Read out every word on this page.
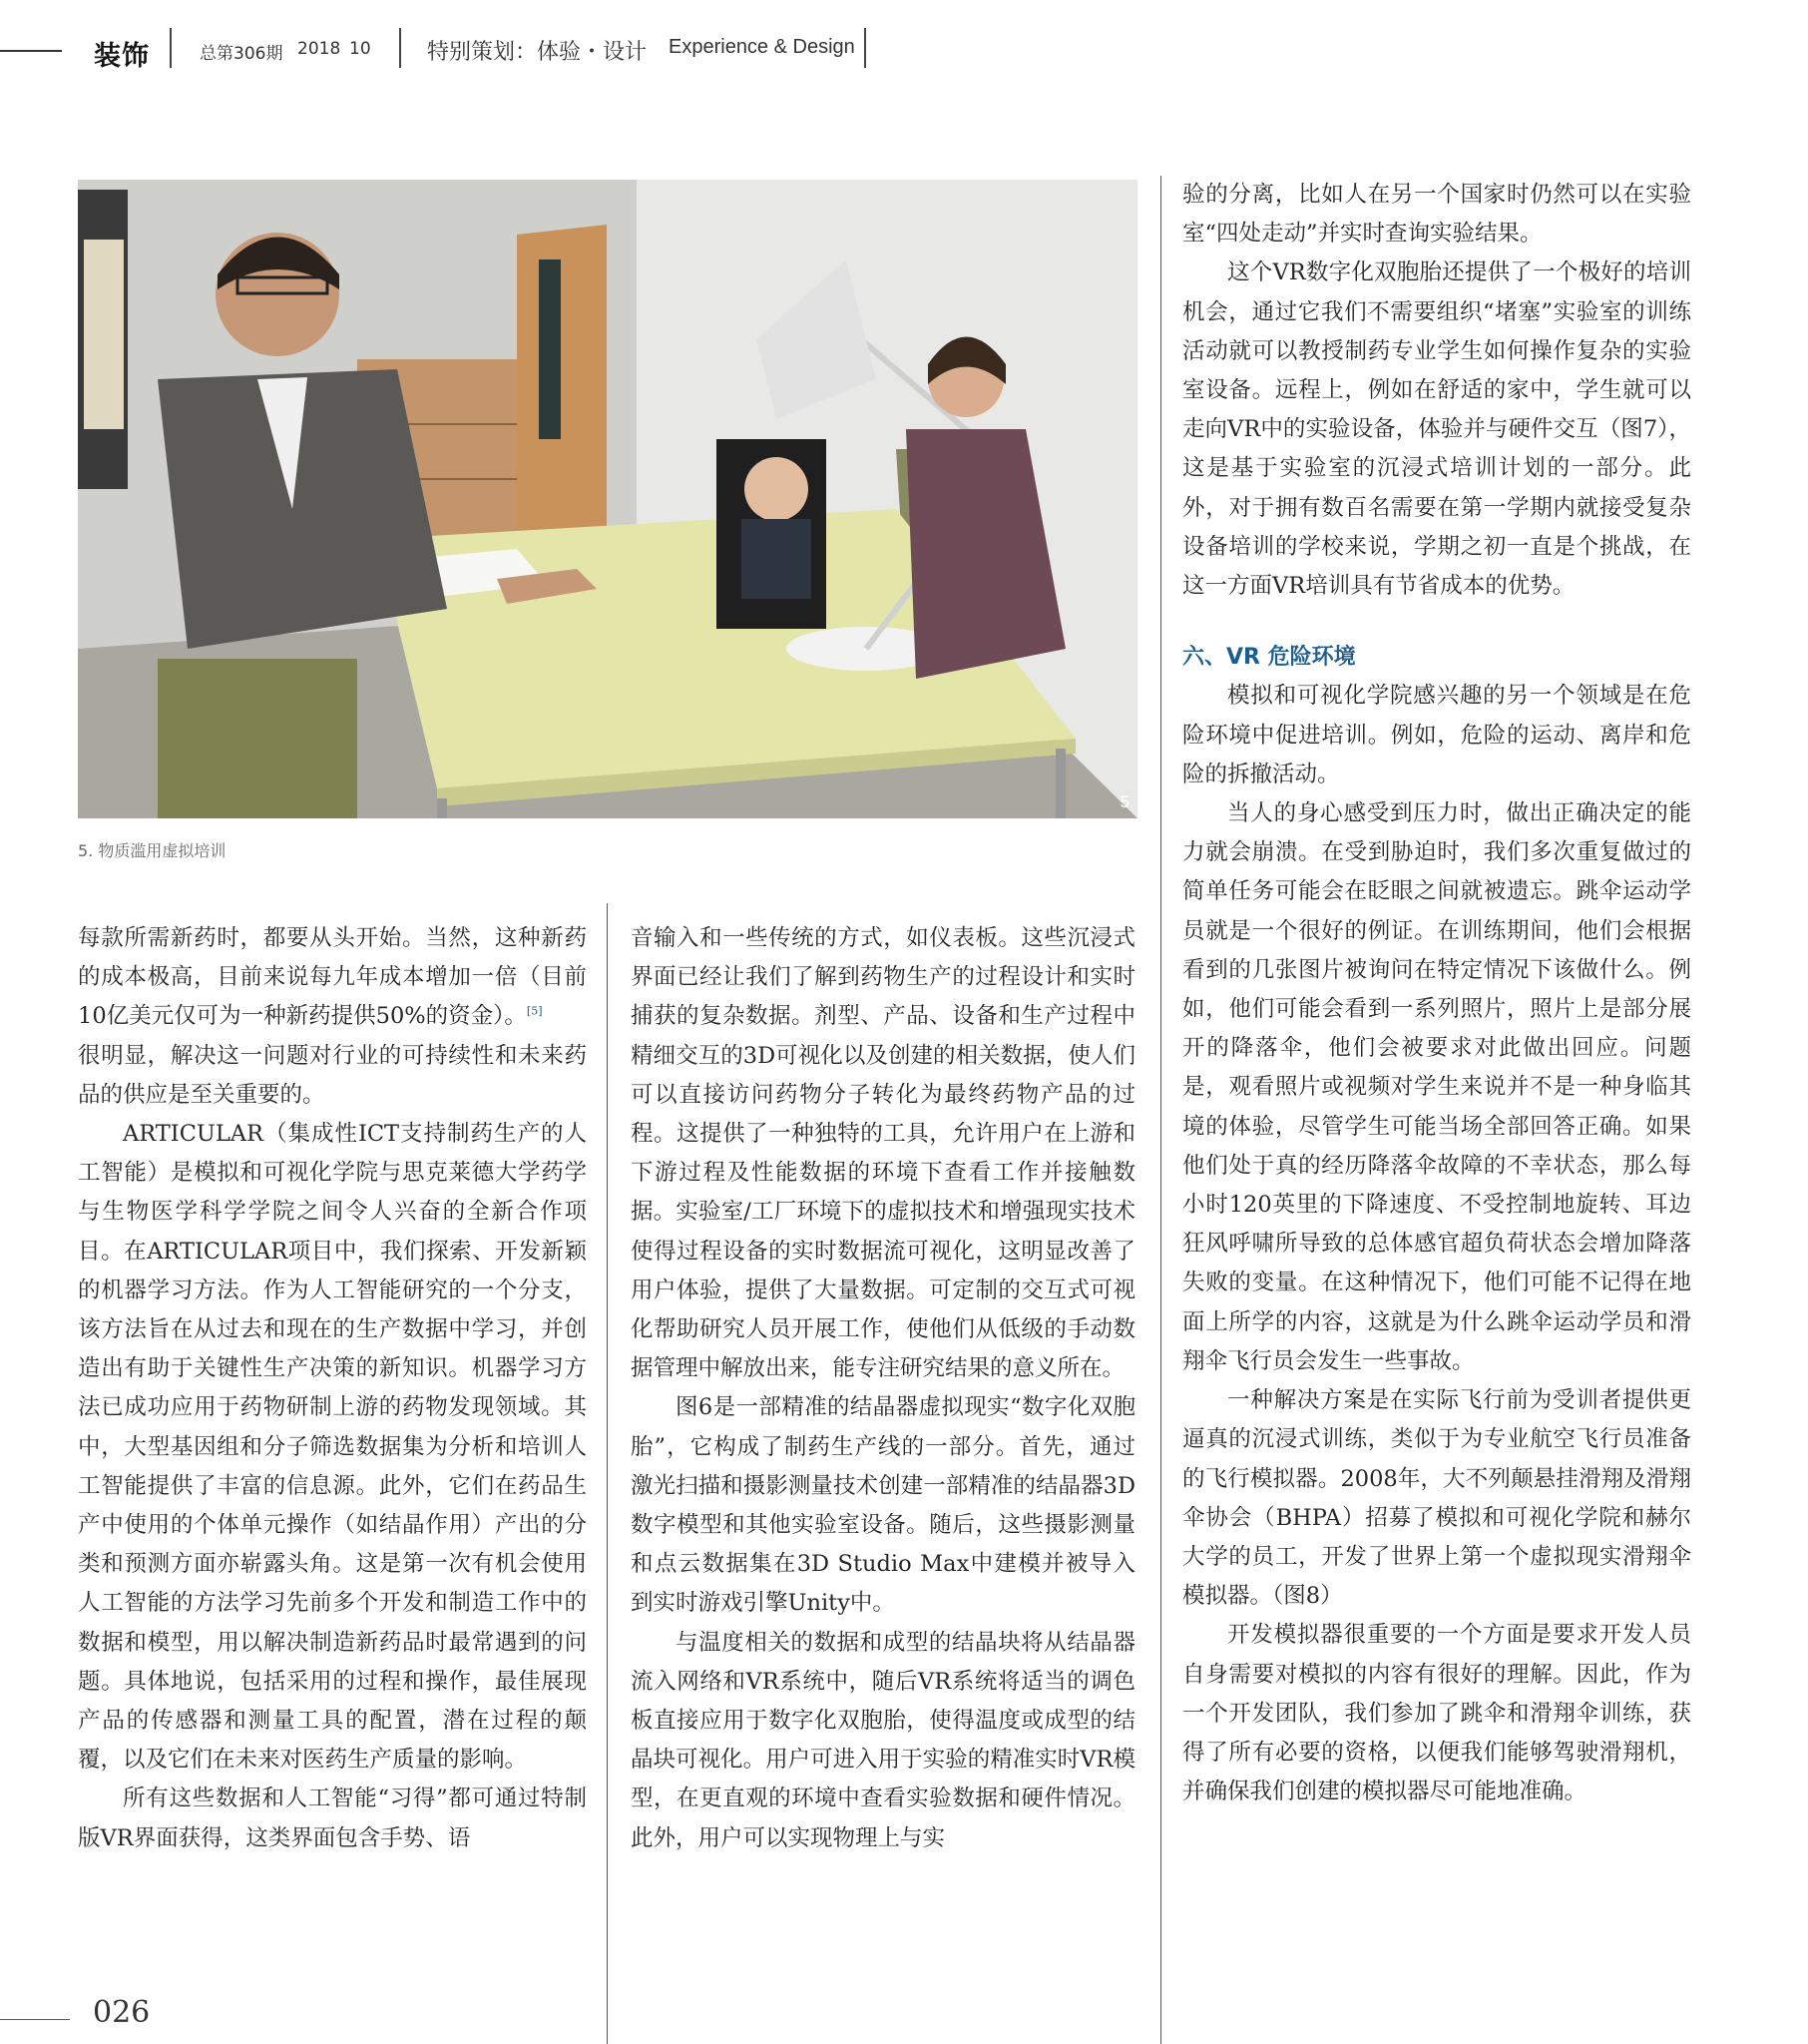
装饰	总第306期 2018 10	特别策划：体验・设计 Experience & Design
5
5. 物质滥用虚拟培训

每款所需新药时，都要从头开始。当然，这种新药的成本极高，目前来说每九年成本增加一倍（目前10亿美元仅可为一种新药提供50%的资金）。[5]

很明显，解决这一问题对行业的可持续性和未来药品的供应是至关重要的。

ARTICULAR（集成性ICT支持制药生产的人工智能）是模拟和可视化学院与思克莱德大学药学与生物医学科学学院之间令人兴奋的全新合作项目。在ARTICULAR项目中，我们探索、开发新颖的机器学习方法。作为人工智能研究的一个分支，该方法旨在从过去和现在的生产数据中学习，并创造出有助于关键性生产决策的新知识。机器学习方法已成功应用于药物研制上游的药物发现领域。其中，大型基因组和分子筛选数据集为分析和培训人工智能提供了丰富的信息源。此外，它们在药品生产中使用的个体单元操作（如结晶作用）产出的分类和预测方面亦崭露头角。这是第一次有机会使用人工智能的方法学习先前多个开发和制造工作中的数据和模型，用以解决制造新药品时最常遇到的问题。具体地说，包括采用的过程和操作，最佳展现产品的传感器和测量工具的配置，潜在过程的颠覆，以及它们在未来对医药生产质量的影响。

所有这些数据和人工智能“习得”都可通过特制版VR界面获得，这类界面包含手势、语

音输入和一些传统的方式，如仪表板。这些沉浸式界面已经让我们了解到药物生产的过程设计和实时捕获的复杂数据。剂型、产品、设备和生产过程中精细交互的3D可视化以及创建的相关数据，使人们可以直接访问药物分子转化为最终药物产品的过程。这提供了一种独特的工具，允许用户在上游和下游过程及性能数据的环境下查看工作并接触数据。实验室/工厂环境下的虚拟技术和增强现实技术使得过程设备的实时数据流可视化，这明显改善了用户体验，提供了大量数据。可定制的交互式可视化帮助研究人员开展工作，使他们从低级的手动数据管理中解放出来，能专注研究结果的意义所在。

图6是一部精准的结晶器虚拟现实“数字化双胞胎”，它构成了制药生产线的一部分。首先，通过激光扫描和摄影测量技术创建一部精准的结晶器3D数字模型和其他实验室设备。随后，这些摄影测量和点云数据集在3D Studio Max中建模并被导入到实时游戏引擎Unity中。

与温度相关的数据和成型的结晶块将从结晶器流入网络和VR系统中，随后VR系统将适当的调色板直接应用于数字化双胞胎，使得温度或成型的结晶块可视化。用户可进入用于实验的精准实时VR模型，在更直观的环境中查看实验数据和硬件情况。此外，用户可以实现物理上与实

验的分离，比如人在另一个国家时仍然可以在实验室“四处走动”并实时查询实验结果。

这个VR数字化双胞胎还提供了一个极好的培训机会，通过它我们不需要组织“堵塞”实验室的训练活动就可以教授制药专业学生如何操作复杂的实验室设备。远程上，例如在舒适的家中，学生就可以走向VR中的实验设备，体验并与硬件交互（图7），这是基于实验室的沉浸式培训计划的一部分。此外，对于拥有数百名需要在第一学期内就接受复杂设备培训的学校来说，学期之初一直是个挑战，在这一方面VR培训具有节省成本的优势。

六、VR 危险环境

模拟和可视化学院感兴趣的另一个领域是在危险环境中促进培训。例如，危险的运动、离岸和危险的拆撤活动。

当人的身心感受到压力时，做出正确决定的能力就会崩溃。在受到胁迫时，我们多次重复做过的简单任务可能会在眨眼之间就被遗忘。跳伞运动学员就是一个很好的例证。在训练期间，他们会根据看到的几张图片被询问在特定情况下该做什么。例如，他们可能会看到一系列照片，照片上是部分展开的降落伞，他们会被要求对此做出回应。问题是，观看照片或视频对学生来说并不是一种身临其境的体验，尽管学生可能当场全部回答正确。如果他们处于真的经历降落伞故障的不幸状态，那么每小时120英里的下降速度、不受控制地旋转、耳边狂风呼啸所导致的总体感官超负荷状态会增加降落失败的变量。在这种情况下，他们可能不记得在地面上所学的内容，这就是为什么跳伞运动学员和滑翔伞飞行员会发生一些事故。

一种解决方案是在实际飞行前为受训者提供更逼真的沉浸式训练，类似于为专业航空飞行员准备的飞行模拟器。2008年，大不列颠悬挂滑翔及滑翔伞协会（BHPA）招募了模拟和可视化学院和赫尔大学的员工，开发了世界上第一个虚拟现实滑翔伞模拟器。（图8）

开发模拟器很重要的一个方面是要求开发人员自身需要对模拟的内容有很好的理解。因此，作为一个开发团队，我们参加了跳伞和滑翔伞训练，获得了所有必要的资格，以便我们能够驾驶滑翔机，并确保我们创建的模拟器尽可能地准确。

026
